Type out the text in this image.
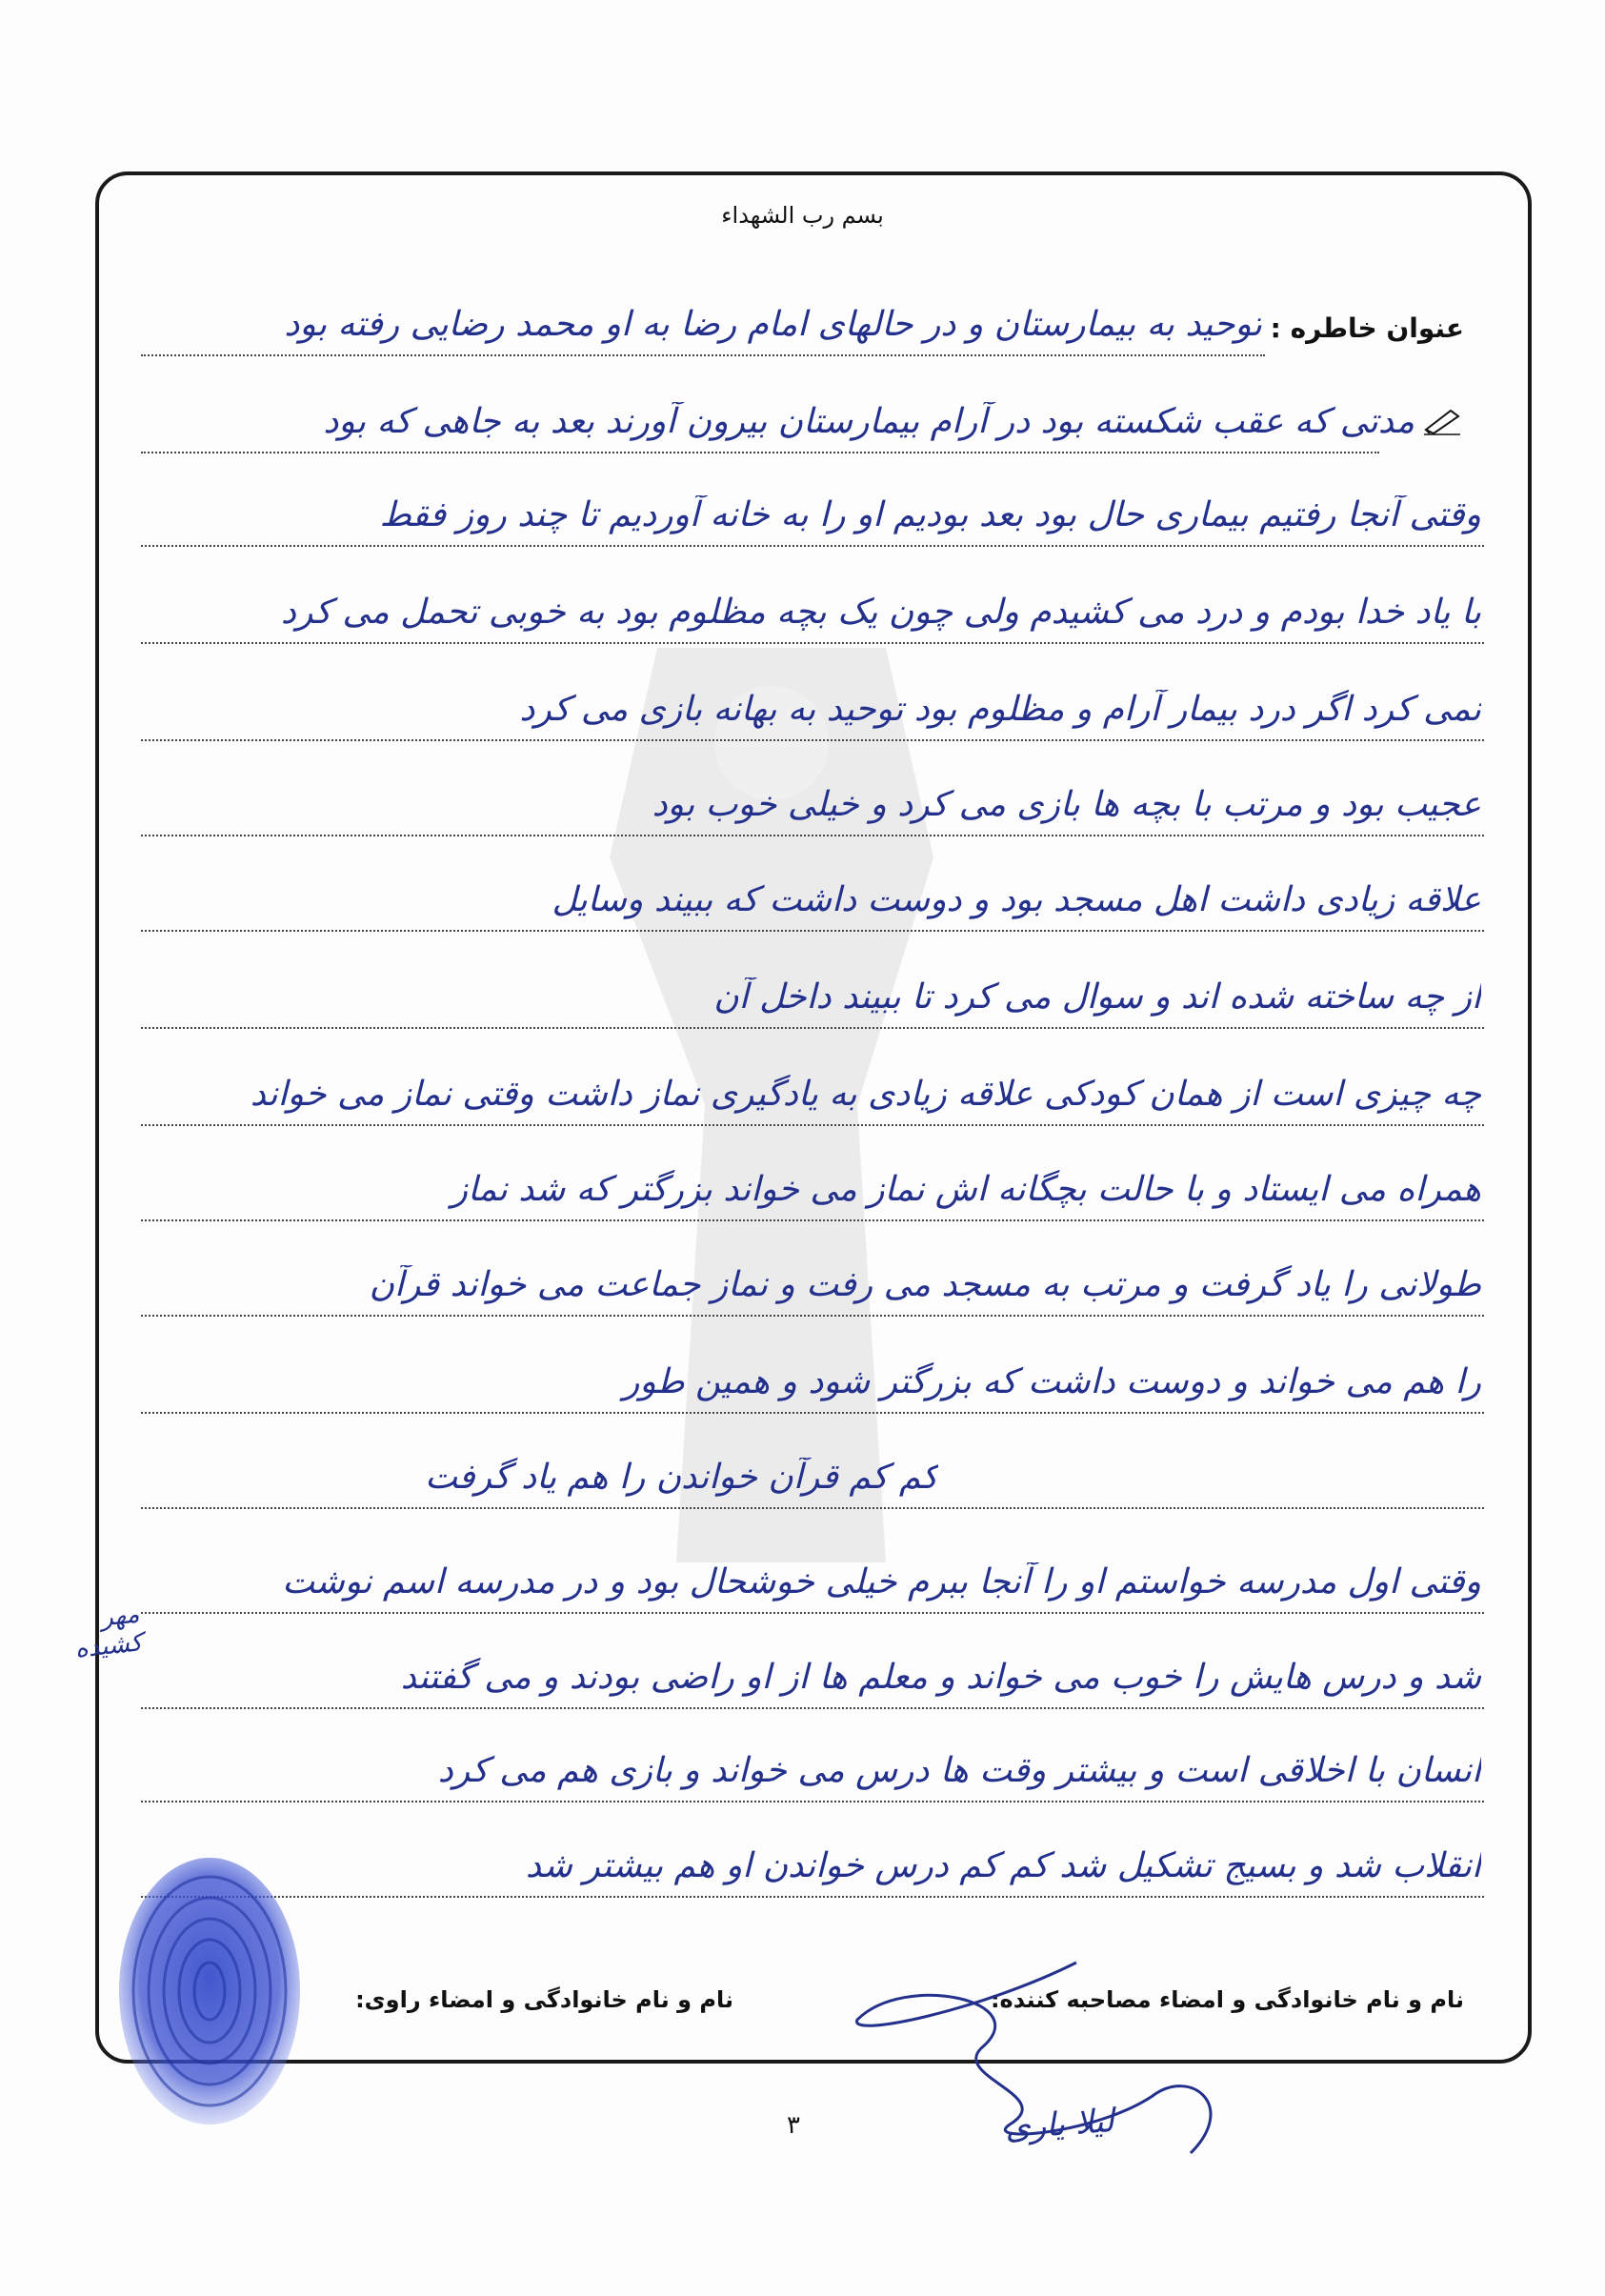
بسم رب الشهداء
عنوان خاطره :
توحید به بیمارستان و در حالهای امام رضا به او محمد رضایی رفته بود
مدتی که عقب شکسته بود در آرام بیمارستان بیرون آورند بعد به جاهی که بود
وقتی آنجا رفتیم بیماری حال بود بعد بودیم او را به خانه آوردیم تا چند روز فقط
با یاد خدا بودم و درد می کشیدم ولی چون یک بچه مظلوم بود به خوبی تحمل می کرد
نمی کرد اگر درد بیمار آرام و مظلوم بود توحید به بهانه بازی می کرد
عجیب بود و مرتب با بچه ها بازی می کرد و خیلی خوب بود
علاقه زیادی داشت اهل مسجد بود و دوست داشت که ببیند وسایل
از چه ساخته شده اند و سوال می کرد تا ببیند داخل آن
چه چیزی است از همان کودکی علاقه زیادی به یادگیری نماز داشت وقتی نماز می خواند
همراه می ایستاد و با حالت بچگانه اش نماز می خواند بزرگتر که شد نماز
طولانی را یاد گرفت و مرتب به مسجد می رفت و نماز جماعت می خواند قرآن
را هم می خواند و دوست داشت که بزرگتر شود و همین طور
کم کم قرآن خواندن را هم یاد گرفت
وقتی اول مدرسه خواستم او را آنجا ببرم خیلی خوشحال بود و در مدرسه اسم نوشت
شد و درس هایش را خوب می خواند و معلم ها از او راضی بودند و می گفتند
انسان با اخلاقی است و بیشتر وقت ها درس می خواند و بازی هم می کرد
انقلاب شد و بسیج تشکیل شد کم کم درس خواندن او هم بیشتر شد
مهر کشیده
نام و نام خانوادگی و امضاء مصاحبه کننده:
نام و نام خانوادگی و امضاء راوی:
لیلا یاری
۳
